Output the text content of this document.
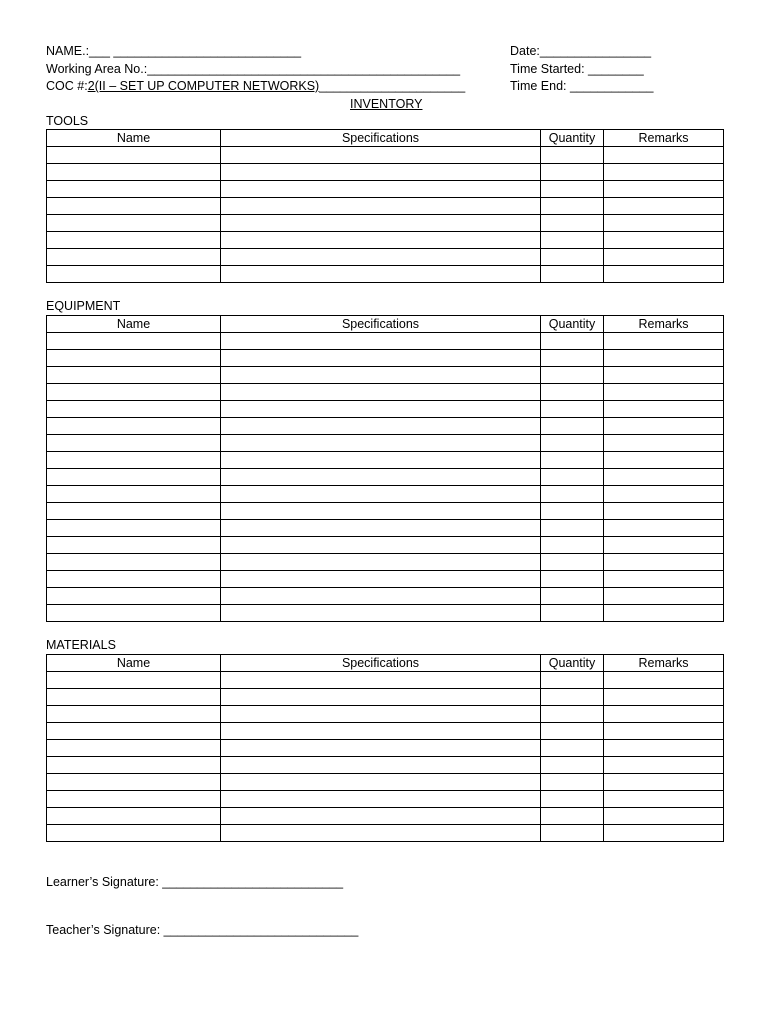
NAME.:___ ___________________________
Working Area No.:_____________________________________________
COC #:2(II – SET UP COMPUTER NETWORKS)_____________________
Date:________________
Time Started: ________
Time End: ____________
INVENTORY
TOOLS
Name	Specifications	Quantity	Remarks

EQUIPMENT
Name	Specifications	Quantity	Remarks

MATERIALS
Name	Specifications	Quantity	Remarks

Learner’s Signature: __________________________
Teacher’s Signature: ____________________________
